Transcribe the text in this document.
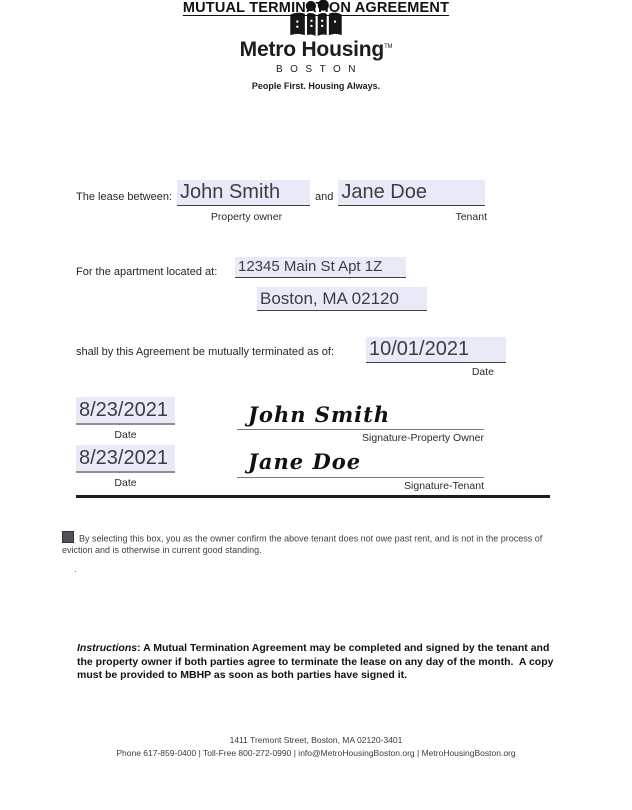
Metro Housing™
BOSTON
People First. Housing Always.
MUTUAL TERMINATION AGREEMENT
The lease between: John Smith	and Jane Doe
Property owner	Tenant
For the apartment located at: 12345 Main St Apt 1Z
Boston, MA 02120
shall by this Agreement be mutually terminated as of: 10/01/2021
Date
8/23/2021
Date
John Smith
Signature-Property Owner
8/23/2021
Date
Jane Doe
Signature-Tenant
By selecting this box, you as the owner confirm the above tenant does not owe past rent, and is not in the process of eviction and is otherwise in current good standing.
.
Instructions: A Mutual Termination Agreement may be completed and signed by the tenant and the property owner if both parties agree to terminate the lease on any day of the month.  A copy must be provided to MBHP as soon as both parties have signed it.
1411 Tremont Street, Boston, MA 02120-3401
Phone 617-859-0400 | Toll-Free 800-272-0990 | info@MetroHousingBoston.org | MetroHousingBoston.org
